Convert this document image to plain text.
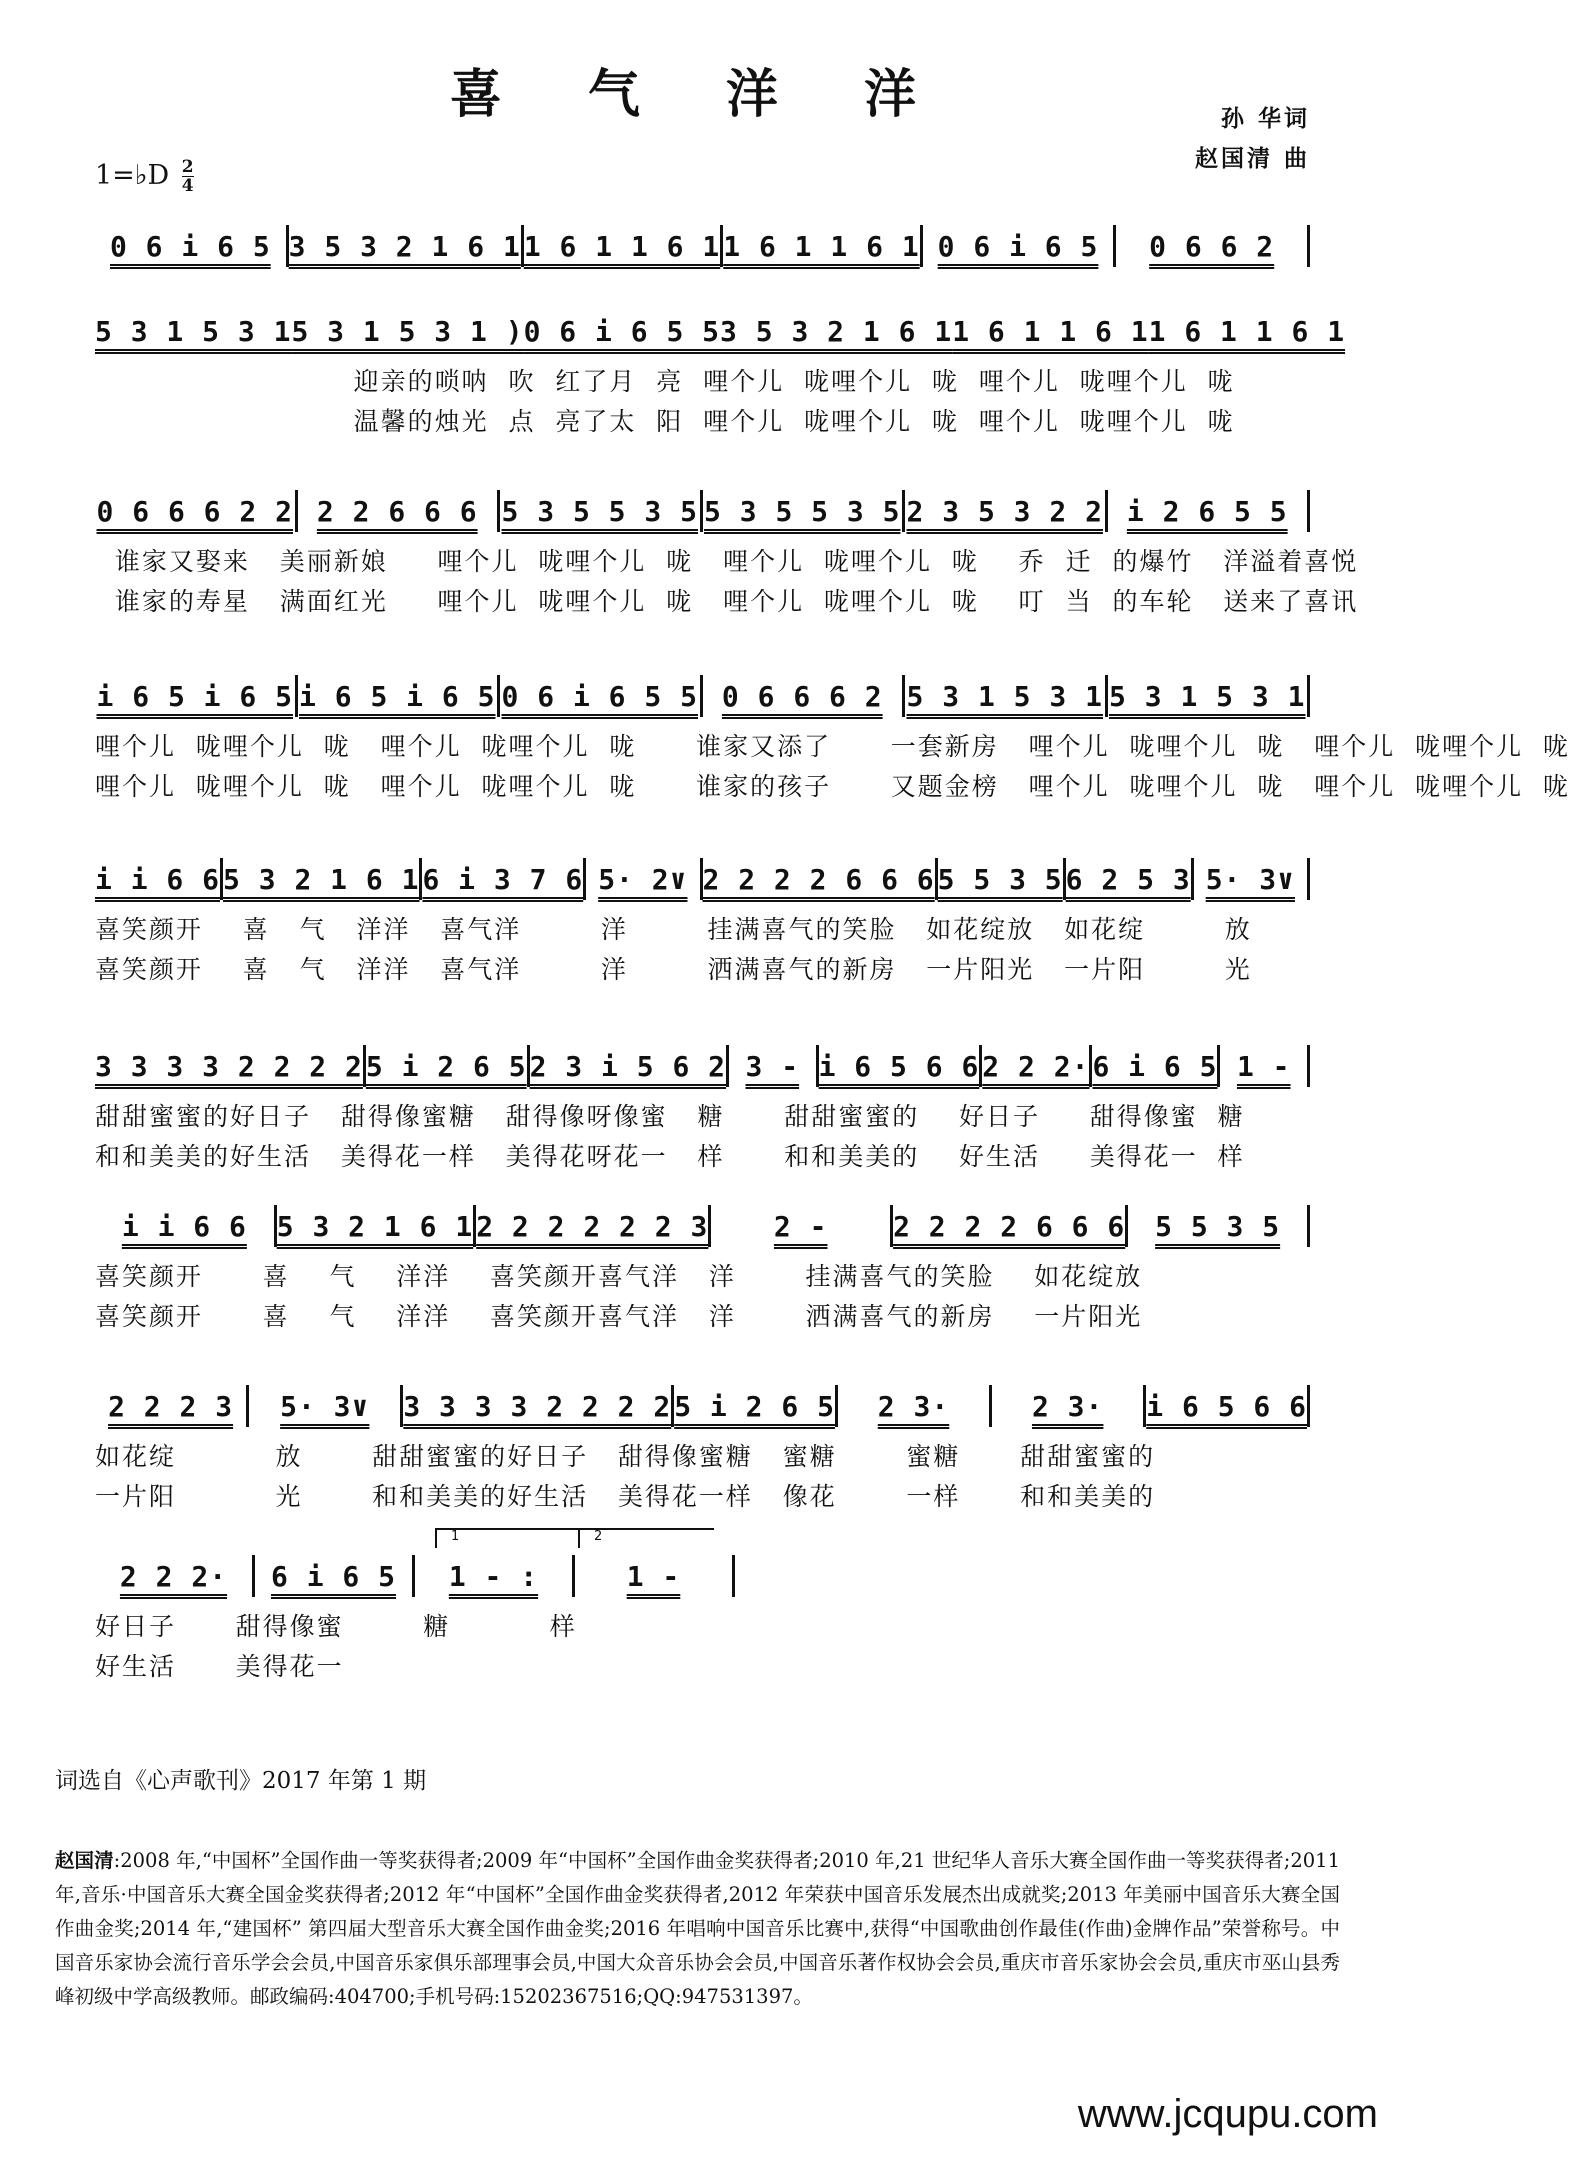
喜 气 洋 洋	孙 华词
赵国清 曲
1=♭D $\frac{2}{4}$
0 6 i 6 5 3 5 3 2 1 6 1 1 6 1 1 6 1 1 6 1 1 6 1 0 6 i 6 5	0 6 6 2
5 3 1 5 3 1 5 3 1 5 3 1 ) 0 6 i 6 5 5 3 5 3 2 1 6 1 1 6 1 1 6 1 1 6 1 1 6 1
迎亲的唢呐  吹  红了月  亮  哩个儿  咙哩个儿  咙  哩个儿  咙哩个儿  咙
温馨的烛光  点  亮了太  阳  哩个儿  咙哩个儿  咙  哩个儿  咙哩个儿  咙
0 6 6 6 2 2 2 2 6 6 6 5 3 5 5 3 5 5 3 5 5 3 5 2 3 5 3 2 2 i 2 6 5 5
谁家又娶来   美丽新娘     哩个儿  咙哩个儿  咙   哩个儿  咙哩个儿  咙    乔  迁  的爆竹   洋溢着喜悦
谁家的寿星   满面红光     哩个儿  咙哩个儿  咙   哩个儿  咙哩个儿  咙    叮  当  的车轮   送来了喜讯
i 6 5 i 6 5 i 6 5 i 6 5 0 6 i 6 5 5 0 6 6 6 2 5 3 1 5 3 1 5 3 1 5 3 1
哩个儿  咙哩个儿  咙   哩个儿  咙哩个儿  咙      谁家又添了      一套新房   哩个儿  咙哩个儿  咙   哩个儿  咙哩个儿  咙
哩个儿  咙哩个儿  咙   哩个儿  咙哩个儿  咙      谁家的孩子      又题金榜   哩个儿  咙哩个儿  咙   哩个儿  咙哩个儿  咙
i i 6 6 5 3 2 1 6 1 6 i 3 7 6 5· 2∨ 2 2 2 2 6 6 6 5 5 3 5 6 2 5 3 5· 3∨
喜笑颜开    喜   气   洋洋   喜气洋        洋        挂满喜气的笑脸   如花绽放   如花绽        放
喜笑颜开    喜   气   洋洋   喜气洋        洋        洒满喜气的新房   一片阳光   一片阳        光
3 3 3 3 2 2 2 2 5 i 2 6 5 2 3 i 5 6 2 3 - i 6 5 6 6 2 2 2· 6 i 6 5 1 -
甜甜蜜蜜的好日子   甜得像蜜糖   甜得像呀像蜜   糖      甜甜蜜蜜的    好日子     甜得像蜜  糖
和和美美的好生活   美得花一样   美得花呀花一   样      和和美美的    好生活     美得花一  样
i i 6 6	5 3 2 1 6 1 2 2 2 2 2 2 3	2 -	2 2 2 2 6 6 6	5 5 3 5
喜笑颜开      喜    气    洋洋    喜笑颜开喜气洋   洋       挂满喜气的笑脸    如花绽放
喜笑颜开      喜    气    洋洋    喜笑颜开喜气洋   洋       洒满喜气的新房    一片阳光
2 2 2 3	5· 3∨	3 3 3 3 2 2 2 2 5 i 2 6 5	2 3·	2 3·	i 6 5 6 6
如花绽          放       甜甜蜜蜜的好日子   甜得像蜜糖   蜜糖       蜜糖      甜甜蜜蜜的
一片阳          光       和和美美的好生活   美得花一样   像花       一样      和和美美的
2 2 2·	6 i 6 5	1 - :	1 -
好日子      甜得像蜜        糖          样
好生活      美得花一
1	2
词选自《心声歌刊》2017 年第 1 期
赵国清:2008 年,“中国杯”全国作曲一等奖获得者;2009 年“中国杯”全国作曲金奖获得者;2010 年,21 世纪华人音乐大赛全国作曲一等奖获得者;2011 年,音乐·中国音乐大赛全国金奖获得者;2012 年“中国杯”全国作曲金奖获得者,2012 年荣获中国音乐发展杰出成就奖;2013 年美丽中国音乐大赛全国作曲金奖;2014 年,“建国杯” 第四届大型音乐大赛全国作曲金奖;2016 年唱响中国音乐比赛中,获得“中国歌曲创作最佳(作曲)金牌作品”荣誉称号。中国音乐家协会流行音乐学会会员,中国音乐家俱乐部理事会员,中国大众音乐协会会员,中国音乐著作权协会会员,重庆市音乐家协会会员,重庆市巫山县秀峰初级中学高级教师。邮政编码:404700;手机号码:15202367516;QQ:947531397。
www.jcqupu.com
